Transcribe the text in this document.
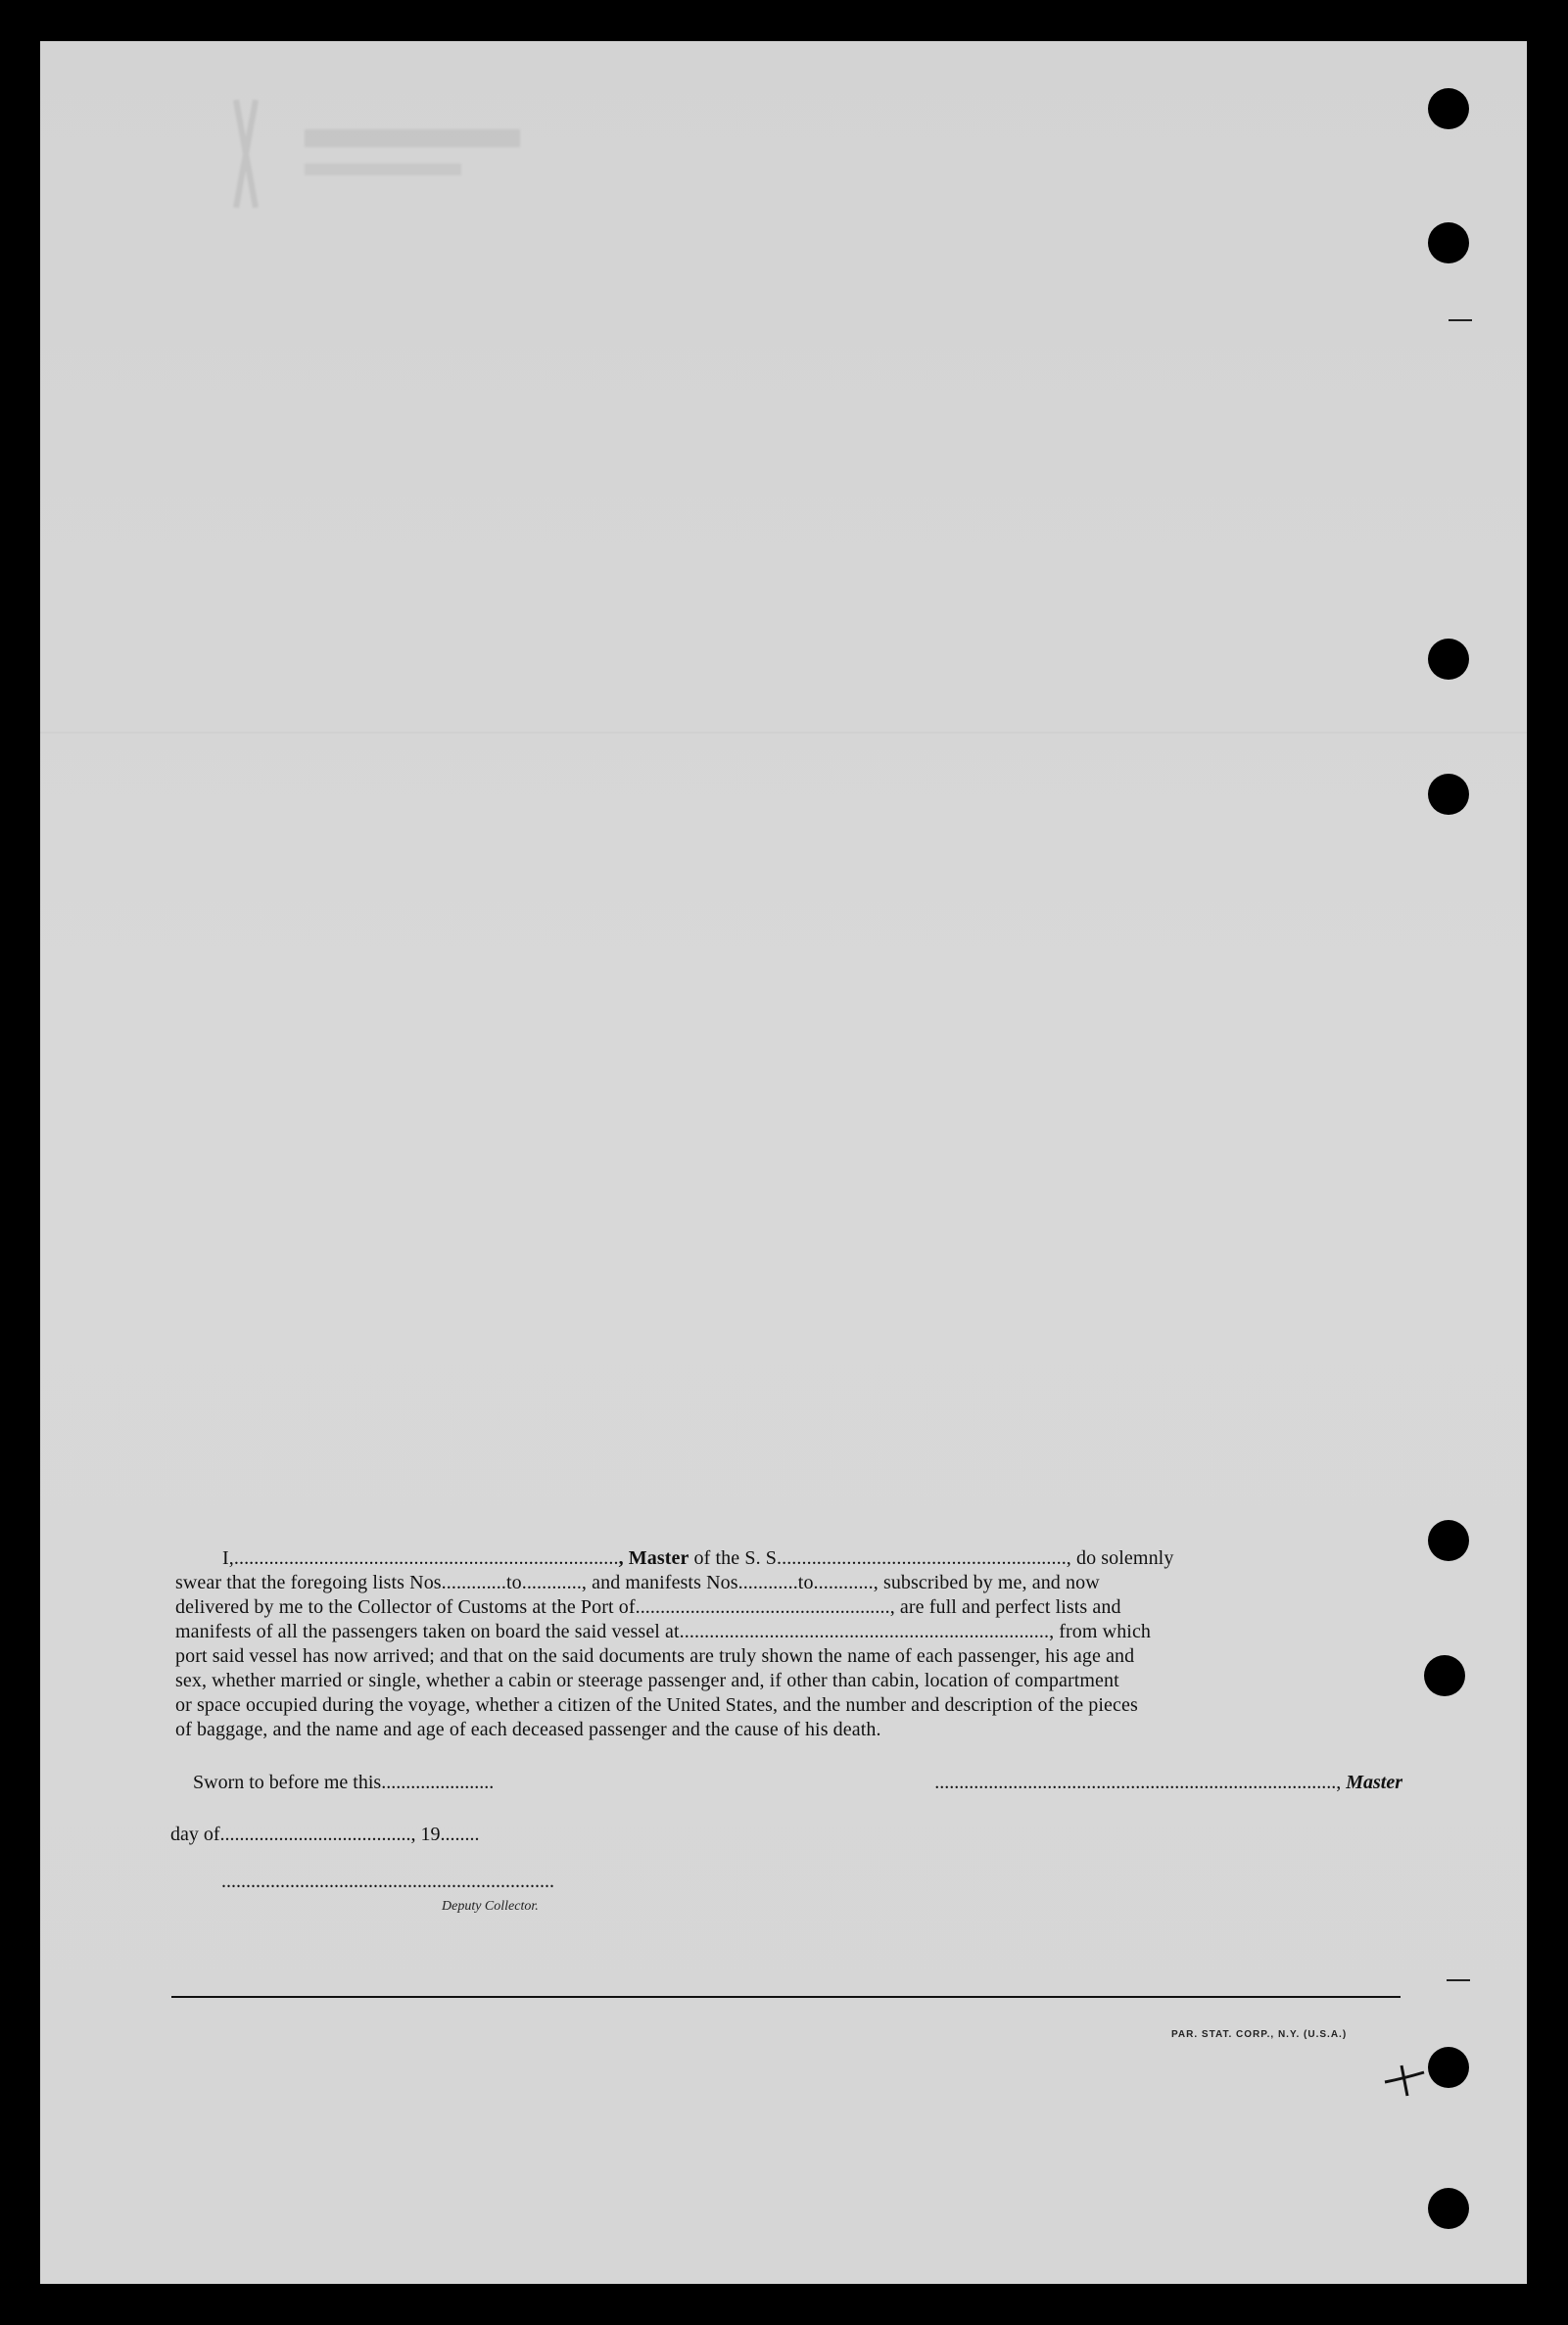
I,............................................................................., Master of the S. S.........................................................., do solemnly
swear that the foregoing lists Nos.............to............, and manifests Nos............to............, subscribed by me, and now
delivered by me to the Collector of Customs at the Port of..................................................., are full and perfect lists and
manifests of all the passengers taken on board the said vessel at.........................................................................., from which
port said vessel has now arrived; and that on the said documents are truly shown the name of each passenger, his age and
sex, whether married or single, whether a cabin or steerage passenger and, if other than cabin, location of compartment
or space occupied during the voyage, whether a citizen of the United States, and the number and description of the pieces
of baggage, and the name and age of each deceased passenger and the cause of his death.
Sworn to before me this.......................	.................................................................................., Master
day of......................................., 19........
....................................................................
Deputy Collector.
PAR. STAT. CORP., N.Y. (U.S.A.)
